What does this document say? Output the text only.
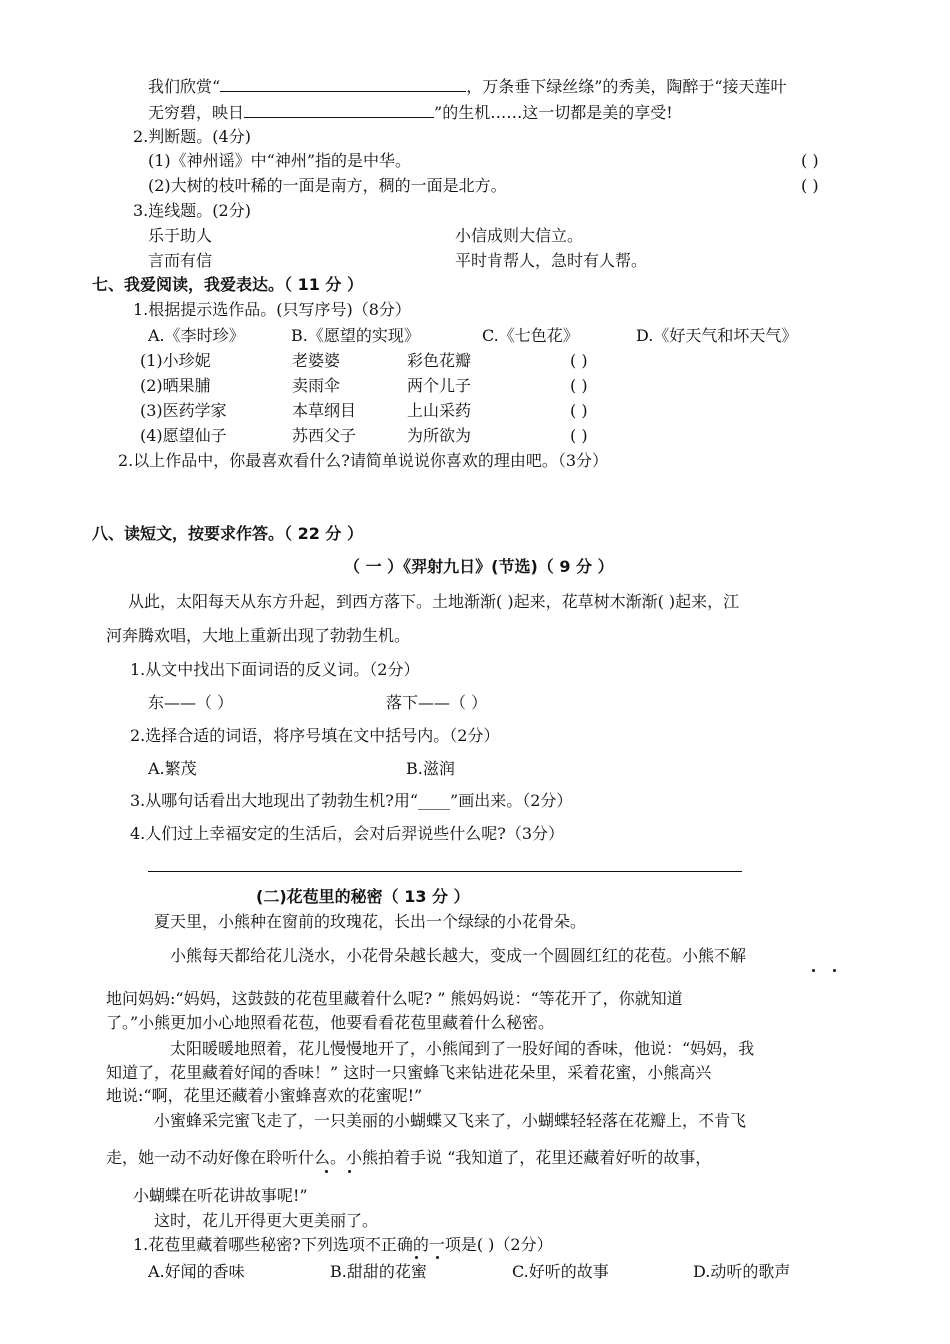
我们欣赏“	，万条垂下绿丝绦”的秀美，陶醉于“接天莲叶
无穷碧，映日	”的生机……这一切都是美的享受!
2.判断题。(4分)
(1)《神州谣》中“神州”指的是中华。	( )
(2)大树的枝叶稀的一面是南方，稠的一面是北方。	( )
3.连线题。(2分)
乐于助人	小信成则大信立。
言而有信	平时肯帮人，急时有人帮。
七、我爱阅读，我爱表达。（ 11 分 ）
1.根据提示选作品。(只写序号)（8分）
A.《李时珍》	B.《愿望的实现》	C.《七色花》	D.《好天气和坏天气》
(1)小珍妮	老婆婆	彩色花瓣	( )
(2)晒果脯	卖雨伞	两个儿子	( )
(3)医药学家	本草纲目	上山采药	( )
(4)愿望仙子	苏西父子	为所欲为	( )
2.以上作品中，你最喜欢看什么?请简单说说你喜欢的理由吧。（3分）
八、读短文，按要求作答。（ 22 分 ）
（ 一 ）《羿射九日》(节选)（ 9 分 ）
从此，太阳每天从东方升起，到西方落下。土地渐渐( )起来，花草树木渐渐( )起来，江
河奔腾欢唱，大地上重新出现了勃勃生机。
1.从文中找出下面词语的反义词。（2分）
东——（ ）	落下——（ ）
2.选择合适的词语，将序号填在文中括号内。（2分）
A.繁茂	B.滋润
3.从哪句话看出大地现出了勃勃生机?用“____”画出来。（2分）
4.人们过上幸福安定的生活后，会对后羿说些什么呢?（3分）
(二)花苞里的秘密（ 13 分 ）
夏天里，小熊种在窗前的玫瑰花，长出一个绿绿的小花骨朵。
小熊每天都给花儿浇水，小花骨朵越长越大，变成一个圆圆红红的花苞。小熊不解
地问妈妈:“妈妈，这鼓鼓的花苞里藏着什么呢? ” 熊妈妈说：“等花开了，你就知道
了。”小熊更加小心地照看花苞，他要看看花苞里藏着什么秘密。
太阳暖暖地照着，花儿慢慢地开了，小熊闻到了一股好闻的香味，他说：“妈妈，我
知道了，花里藏着好闻的香味！” 这时一只蜜蜂飞来钻进花朵里，采着花蜜，小熊高兴
地说:“啊，花里还藏着小蜜蜂喜欢的花蜜呢!”
小蜜蜂采完蜜飞走了，一只美丽的小蝴蝶又飞来了，小蝴蝶轻轻落在花瓣上，不肯飞
走，她一动不动好像在聆听什么。小熊拍着手说 “我知道了，花里还藏着好听的故事，
小蝴蝶在听花讲故事呢!”
这时，花儿开得更大更美丽了。
1.花苞里藏着哪些秘密?下列选项不正确的一项是( )（2分）
A.好闻的香味	B.甜甜的花蜜	C.好听的故事	D.动听的歌声
